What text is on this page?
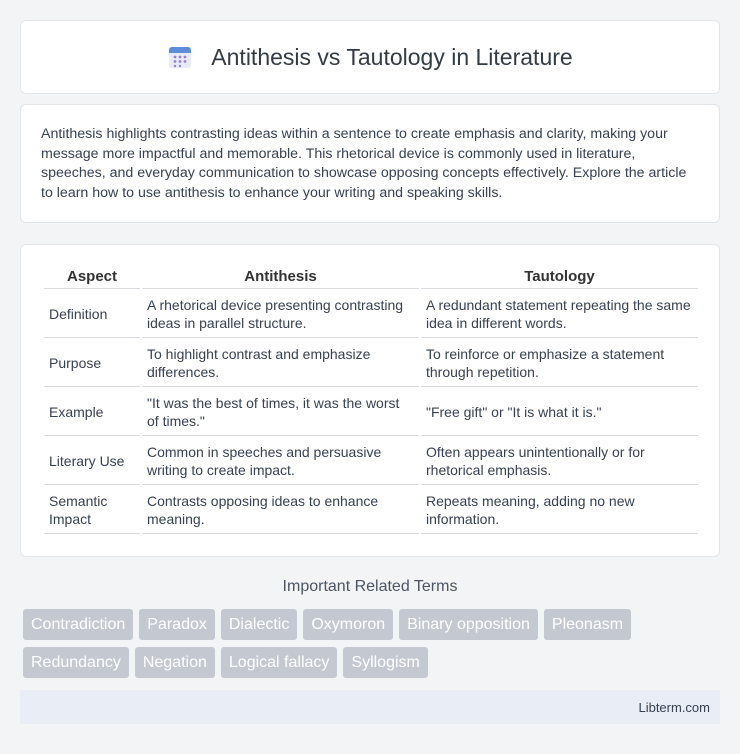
Antithesis vs Tautology in Literature

Antithesis highlights contrasting ideas within a sentence to create emphasis and clarity, making your message more impactful and memorable. This rhetorical device is commonly used in literature, speeches, and everyday communication to showcase opposing concepts effectively. Explore the article to learn how to use antithesis to enhance your writing and speaking skills.

Aspect	Antithesis	Tautology
Definition	A rhetorical device presenting contrasting ideas in parallel structure.	A redundant statement repeating the same idea in different words.
Purpose	To highlight contrast and emphasize differences.	To reinforce or emphasize a statement through repetition.
Example	"It was the best of times, it was the worst of times."	"Free gift" or "It is what it is."
Literary Use	Common in speeches and persuasive writing to create impact.	Often appears unintentionally or for rhetorical emphasis.
Semantic Impact	Contrasts opposing ideas to enhance meaning.	Repeats meaning, adding no new information.
Important Related Terms
Contradiction	Paradox	Dialectic	Oxymoron	Binary opposition	Pleonasm
Redundancy	Negation	Logical fallacy	Syllogism
Libterm.com
